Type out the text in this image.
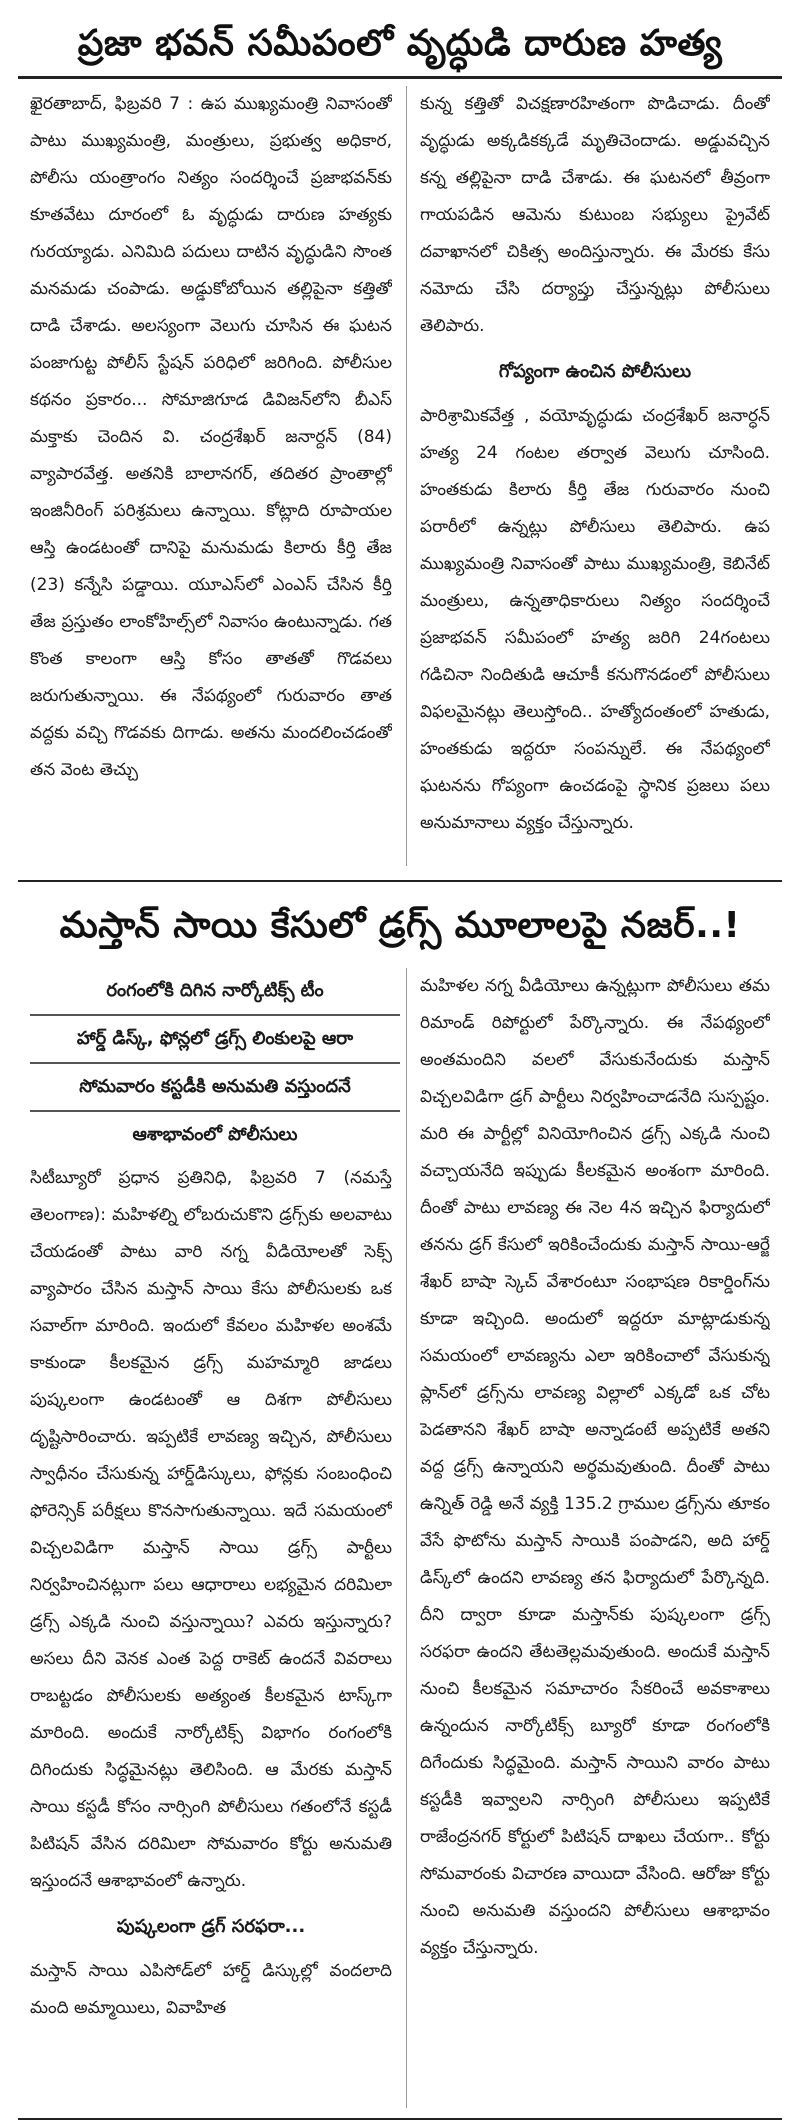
ప్రజా భవన్ సమీపంలో వృద్ధుడి దారుణ హత్య

ఖైరతాబాద్, ఫిబ్రవరి 7 : ఉప ముఖ్యమంత్రి నివాసంతో పాటు ముఖ్యమంత్రి, మంత్రులు, ప్రభుత్వ అధికార, పోలీసు యంత్రాంగం నిత్యం సందర్శించే ప్రజాభవన్‌కు కూతవేటు దూరంలో ఓ వృద్ధుడు దారుణ హత్యకు గురయ్యాడు. ఎనిమిది పదులు దాటిన వృద్ధుడిని సొంత మనమడు చంపాడు. అడ్డుకోబోయిన తల్లిపైనా కత్తితో దాడి చేశాడు. అలస్యంగా వెలుగు చూసిన ఈ ఘటన పంజాగుట్ట పోలీస్ స్టేషన్ పరిధిలో జరిగింది. పోలీసుల కథనం ప్రకారం... సోమాజిగూడ డివిజన్‌లోని బీఎస్ మక్తాకు చెందిన వి. చంద్రశేఖర్ జనార్దన్ (84) వ్యాపారవేత్త. అతనికి బాలానగర్, తదితర ప్రాంతాల్లో ఇంజినీరింగ్ పరిశ్రమలు ఉన్నాయి. కోట్లాది రూపాయల ఆస్తి ఉండటంతో దానిపై మనుమడు కిలారు కీర్తి తేజ (23) కన్నేసి పడ్డాయి. యూఎస్‌లో ఎంఎస్ చేసిన కీర్తి తేజ ప్రస్తుతం లాంకోహిల్స్‌లో నివాసం ఉంటున్నాడు. గత కొంత కాలంగా ఆస్తి కోసం తాతతో గొడవలు జరుగుతున్నాయి. ఈ నేపథ్యంలో గురువారం తాత వద్దకు వచ్చి గొడవకు దిగాడు. అతను మందలించడంతో తన వెంట తెచ్చు

కున్న కత్తితో విచక్షణారహితంగా పొడిచాడు. దీంతో వృద్ధుడు అక్కడికక్కడే మృతిచెందాడు. అడ్డువచ్చిన కన్న తల్లిపైనా దాడి చేశాడు. ఈ ఘటనలో తీవ్రంగా గాయపడిన ఆమెను కుటుంబ సభ్యులు ప్రైవేట్ దవాఖానలో చికిత్స అందిస్తున్నారు. ఈ మేరకు కేసు నమోదు చేసి దర్యాప్తు చేస్తున్నట్లు పోలీసులు తెలిపారు.

గోప్యంగా ఉంచిన పోలీసులు

పారిశ్రామికవేత్త , వయోవృద్ధుడు చంద్రశేఖర్ జనార్ధన్ హత్య 24 గంటల తర్వాత వెలుగు చూసింది. హంతకుడు కిలారు కీర్తి తేజ గురువారం నుంచి పరారీలో ఉన్నట్లు పోలీసులు తెలిపారు. ఉప ముఖ్యమంత్రి నివాసంతో పాటు ముఖ్యమంత్రి, కెబినేట్ మంత్రులు, ఉన్నతాధికారులు నిత్యం సందర్శించే ప్రజాభవన్ సమీపంలో హత్య జరిగి 24గంటలు గడిచినా నిందితుడి ఆచూకీ కనుగొనడంలో పోలీసులు విఫలమైనట్లు తెలుస్తోంది.. హత్యోదంతంలో హతుడు, హంతకుడు ఇద్దరూ సంపన్నులే. ఈ నేపథ్యంలో ఘటనను గోప్యంగా ఉంచడంపై స్థానిక ప్రజలు పలు అనుమానాలు వ్యక్తం చేస్తున్నారు.

మస్తాన్ సాయి కేసులో డ్రగ్స్ మూలాలపై నజర్..!
రంగంలోకి దిగిన నార్కోటిక్స్ టీం
హార్డ్ డిస్క్, ఫోన్లలో డ్రగ్స్ లింకులపై ఆరా
సోమవారం కస్టడీకి అనుమతి వస్తుందనే
ఆశాభావంలో పోలీసులు

సిటీబ్యూరో ప్రధాన ప్రతినిధి, ఫిబ్రవరి 7 (నమస్తే తెలంగాణ): మహిళల్ని లోబరుచుకొని డ్రగ్స్‌కు అలవాటు చేయడంతో పాటు వారి నగ్న వీడియోలతో సెక్స్ వ్యాపారం చేసిన మస్తాన్ సాయి కేసు పోలీసులకు ఒక సవాల్‌గా మారింది. ఇందులో కేవలం మహిళల అంశమే కాకుండా కీలకమైన డ్రగ్స్ మహమ్మారి జాడలు పుష్కలంగా ఉండటంతో ఆ దిశగా పోలీసులు దృష్టిసారించారు. ఇప్పటికే లావణ్య ఇచ్చిన, పోలీసులు స్వాధీనం చేసుకున్న హార్డ్‌డిస్కులు, ఫోన్లకు సంబంధించి ఫోరెన్సిక్ పరీక్షలు కొనసాగుతున్నాయి. ఇదే సమయంలో విచ్చలవిడిగా మస్తాన్ సాయి డ్రగ్స్ పార్టీలు నిర్వహించినట్లుగా పలు ఆధారాలు లభ్యమైన దరిమిలా డ్రగ్స్ ఎక్కడి నుంచి వస్తున్నాయి? ఎవరు ఇస్తున్నారు? అసలు దీని వెనక ఎంత పెద్ద రాకెట్ ఉందనే వివరాలు రాబట్టడం పోలీసులకు అత్యంత కీలకమైన టాస్క్‌గా మారింది. అందుకే నార్కోటిక్స్ విభాగం రంగంలోకి దిగిందుకు సిద్ధమైనట్లు తెలిసింది. ఆ మేరకు మస్తాన్ సాయి కస్టడీ కోసం నార్సింగి పోలీసులు గతంలోనే కస్టడీ పిటిషన్ వేసిన దరిమిలా సోమవారం కోర్టు అనుమతి ఇస్తుందనే ఆశాభావంలో ఉన్నారు.

పుష్కలంగా డ్రగ్ సరఫరా...

మస్తాన్ సాయి ఎపిసోడ్‌లో హార్డ్ డిస్కుల్లో వందలాది మంది అమ్మాయిలు, వివాహిత

మహిళల నగ్న వీడియోలు ఉన్నట్లుగా పోలీసులు తమ రిమాండ్ రిపోర్టులో పేర్కొన్నారు. ఈ నేపథ్యంలో అంతమందిని వలలో వేసుకునేందుకు మస్తాన్ విచ్చలవిడిగా డ్రగ్ పార్టీలు నిర్వహించాడనేది సుస్పష్టం. మరి ఈ పార్టీల్లో వినియోగించిన డ్రగ్స్ ఎక్కడి నుంచి వచ్చాయనేది ఇప్పుడు కీలకమైన అంశంగా మారింది. దీంతో పాటు లావణ్య ఈ నెల 4న ఇచ్చిన ఫిర్యాదులో తనను డ్రగ్ కేసులో ఇరికించేందుకు మస్తాన్ సాయి-ఆర్జే శేఖర్ బాషా స్కెచ్ వేశారంటూ సంభాషణ రికార్డింగ్‌ను కూడా ఇచ్చింది. అందులో ఇద్దరూ మాట్లాడుకున్న సమయంలో లావణ్యను ఎలా ఇరికించాలో వేసుకున్న ప్లాన్‌లో డ్రగ్స్‌ను లావణ్య విల్లాలో ఎక్కడో ఒక చోట పెడతానని శేఖర్ బాషా అన్నాడంటే అప్పటికే అతని వద్ద డ్రగ్స్ ఉన్నాయని అర్థమవుతుంది. దీంతో పాటు ఉన్నిత్ రెడ్డి అనే వ్యక్తి 135.2 గ్రాముల డ్రగ్స్‌ను తూకం వేసే ఫొటోను మస్తాన్ సాయికి పంపాడని, అది హార్డ్ డిస్క్‌లో ఉందని లావణ్య తన ఫిర్యాదులో పేర్కొన్నది. దీని ద్వారా కూడా మస్తాన్‌కు పుష్కలంగా డ్రగ్స్ సరఫరా ఉందని తేటతెల్లమవుతుంది. అందుకే మస్తాన్ నుంచి కీలకమైన సమాచారం సేకరించే అవకాశాలు ఉన్నందున నార్కోటిక్స్ బ్యూరో కూడా రంగంలోకి దిగేందుకు సిద్ధమైంది. మస్తాన్ సాయిని వారం పాటు కస్టడీకి ఇవ్వాలని నార్సింగి పోలీసులు ఇప్పటికే రాజేంద్రనగర్ కోర్టులో పిటిషన్ దాఖలు చేయగా.. కోర్టు సోమవారంకు విచారణ వాయిదా వేసింది. ఆరోజు కోర్టు నుంచి అనుమతి వస్తుందని పోలీసులు ఆశాభావం వ్యక్తం చేస్తున్నారు.
